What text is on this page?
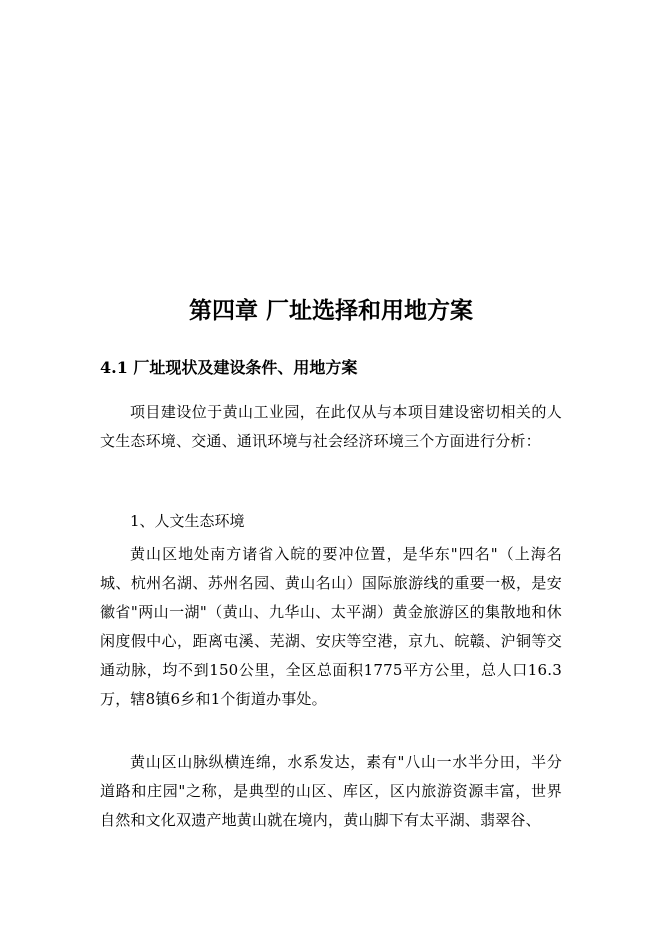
第四章 厂址选择和用地方案
4.1 厂址现状及建设条件、用地方案

项目建设位于黄山工业园，在此仅从与本项目建设密切相关的人文生态环境、交通、通讯环境与社会经济环境三个方面进行分析：

1、人文生态环境

黄山区地处南方诸省入皖的要冲位置，是华东"四名"（上海名城、杭州名湖、苏州名园、黄山名山）国际旅游线的重要一极，是安徽省"两山一湖"（黄山、九华山、太平湖）黄金旅游区的集散地和休闲度假中心，距离屯溪、芜湖、安庆等空港，京九、皖赣、沪铜等交通动脉，均不到150公里，全区总面积1775平方公里，总人口16.3万，辖8镇6乡和1个街道办事处。

黄山区山脉纵横连绵，水系发达，素有"八山一水半分田，半分道路和庄园"之称，是典型的山区、库区，区内旅游资源丰富，世界自然和文化双遗产地黄山就在境内，黄山脚下有太平湖、翡翠谷、
